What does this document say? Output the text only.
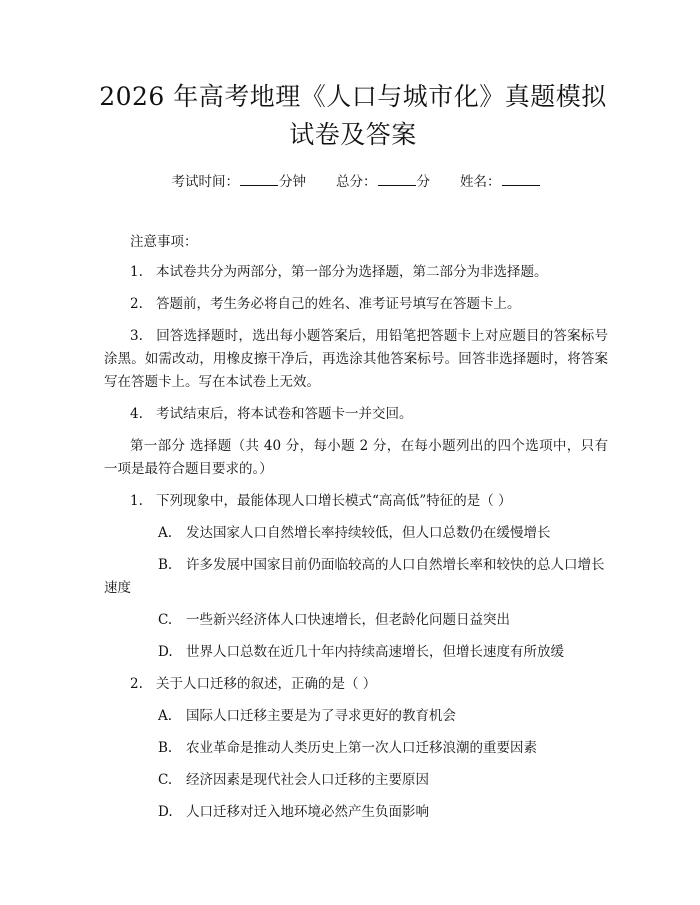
2026 年高考地理《人口与城市化》真题模拟
试卷及答案
考试时间：	分钟 总分：	分 姓名：
注意事项：

1. 本试卷共分为两部分，第一部分为选择题，第二部分为非选择题。

2. 答题前，考生务必将自己的姓名、准考证号填写在答题卡上。

3. 回答选择题时，选出每小题答案后，用铅笔把答题卡上对应题目的答案标号涂黑。如需改动，用橡皮擦干净后，再选涂其他答案标号。回答非选择题时，将答案写在答题卡上。写在本试卷上无效。

4. 考试结束后，将本试卷和答题卡一并交回。

第一部分 选择题（共 40 分，每小题 2 分，在每小题列出的四个选项中，只有一项是最符合题目要求的。）

1. 下列现象中，最能体现人口增长模式“高高低”特征的是（ ）

A. 发达国家人口自然增长率持续较低，但人口总数仍在缓慢增长

B. 许多发展中国家目前仍面临较高的人口自然增长率和较快的总人口增长速度

C. 一些新兴经济体人口快速增长，但老龄化问题日益突出

D. 世界人口总数在近几十年内持续高速增长，但增长速度有所放缓

2. 关于人口迁移的叙述，正确的是（ ）

A. 国际人口迁移主要是为了寻求更好的教育机会

B. 农业革命是推动人类历史上第一次人口迁移浪潮的重要因素

C. 经济因素是现代社会人口迁移的主要原因

D. 人口迁移对迁入地环境必然产生负面影响
